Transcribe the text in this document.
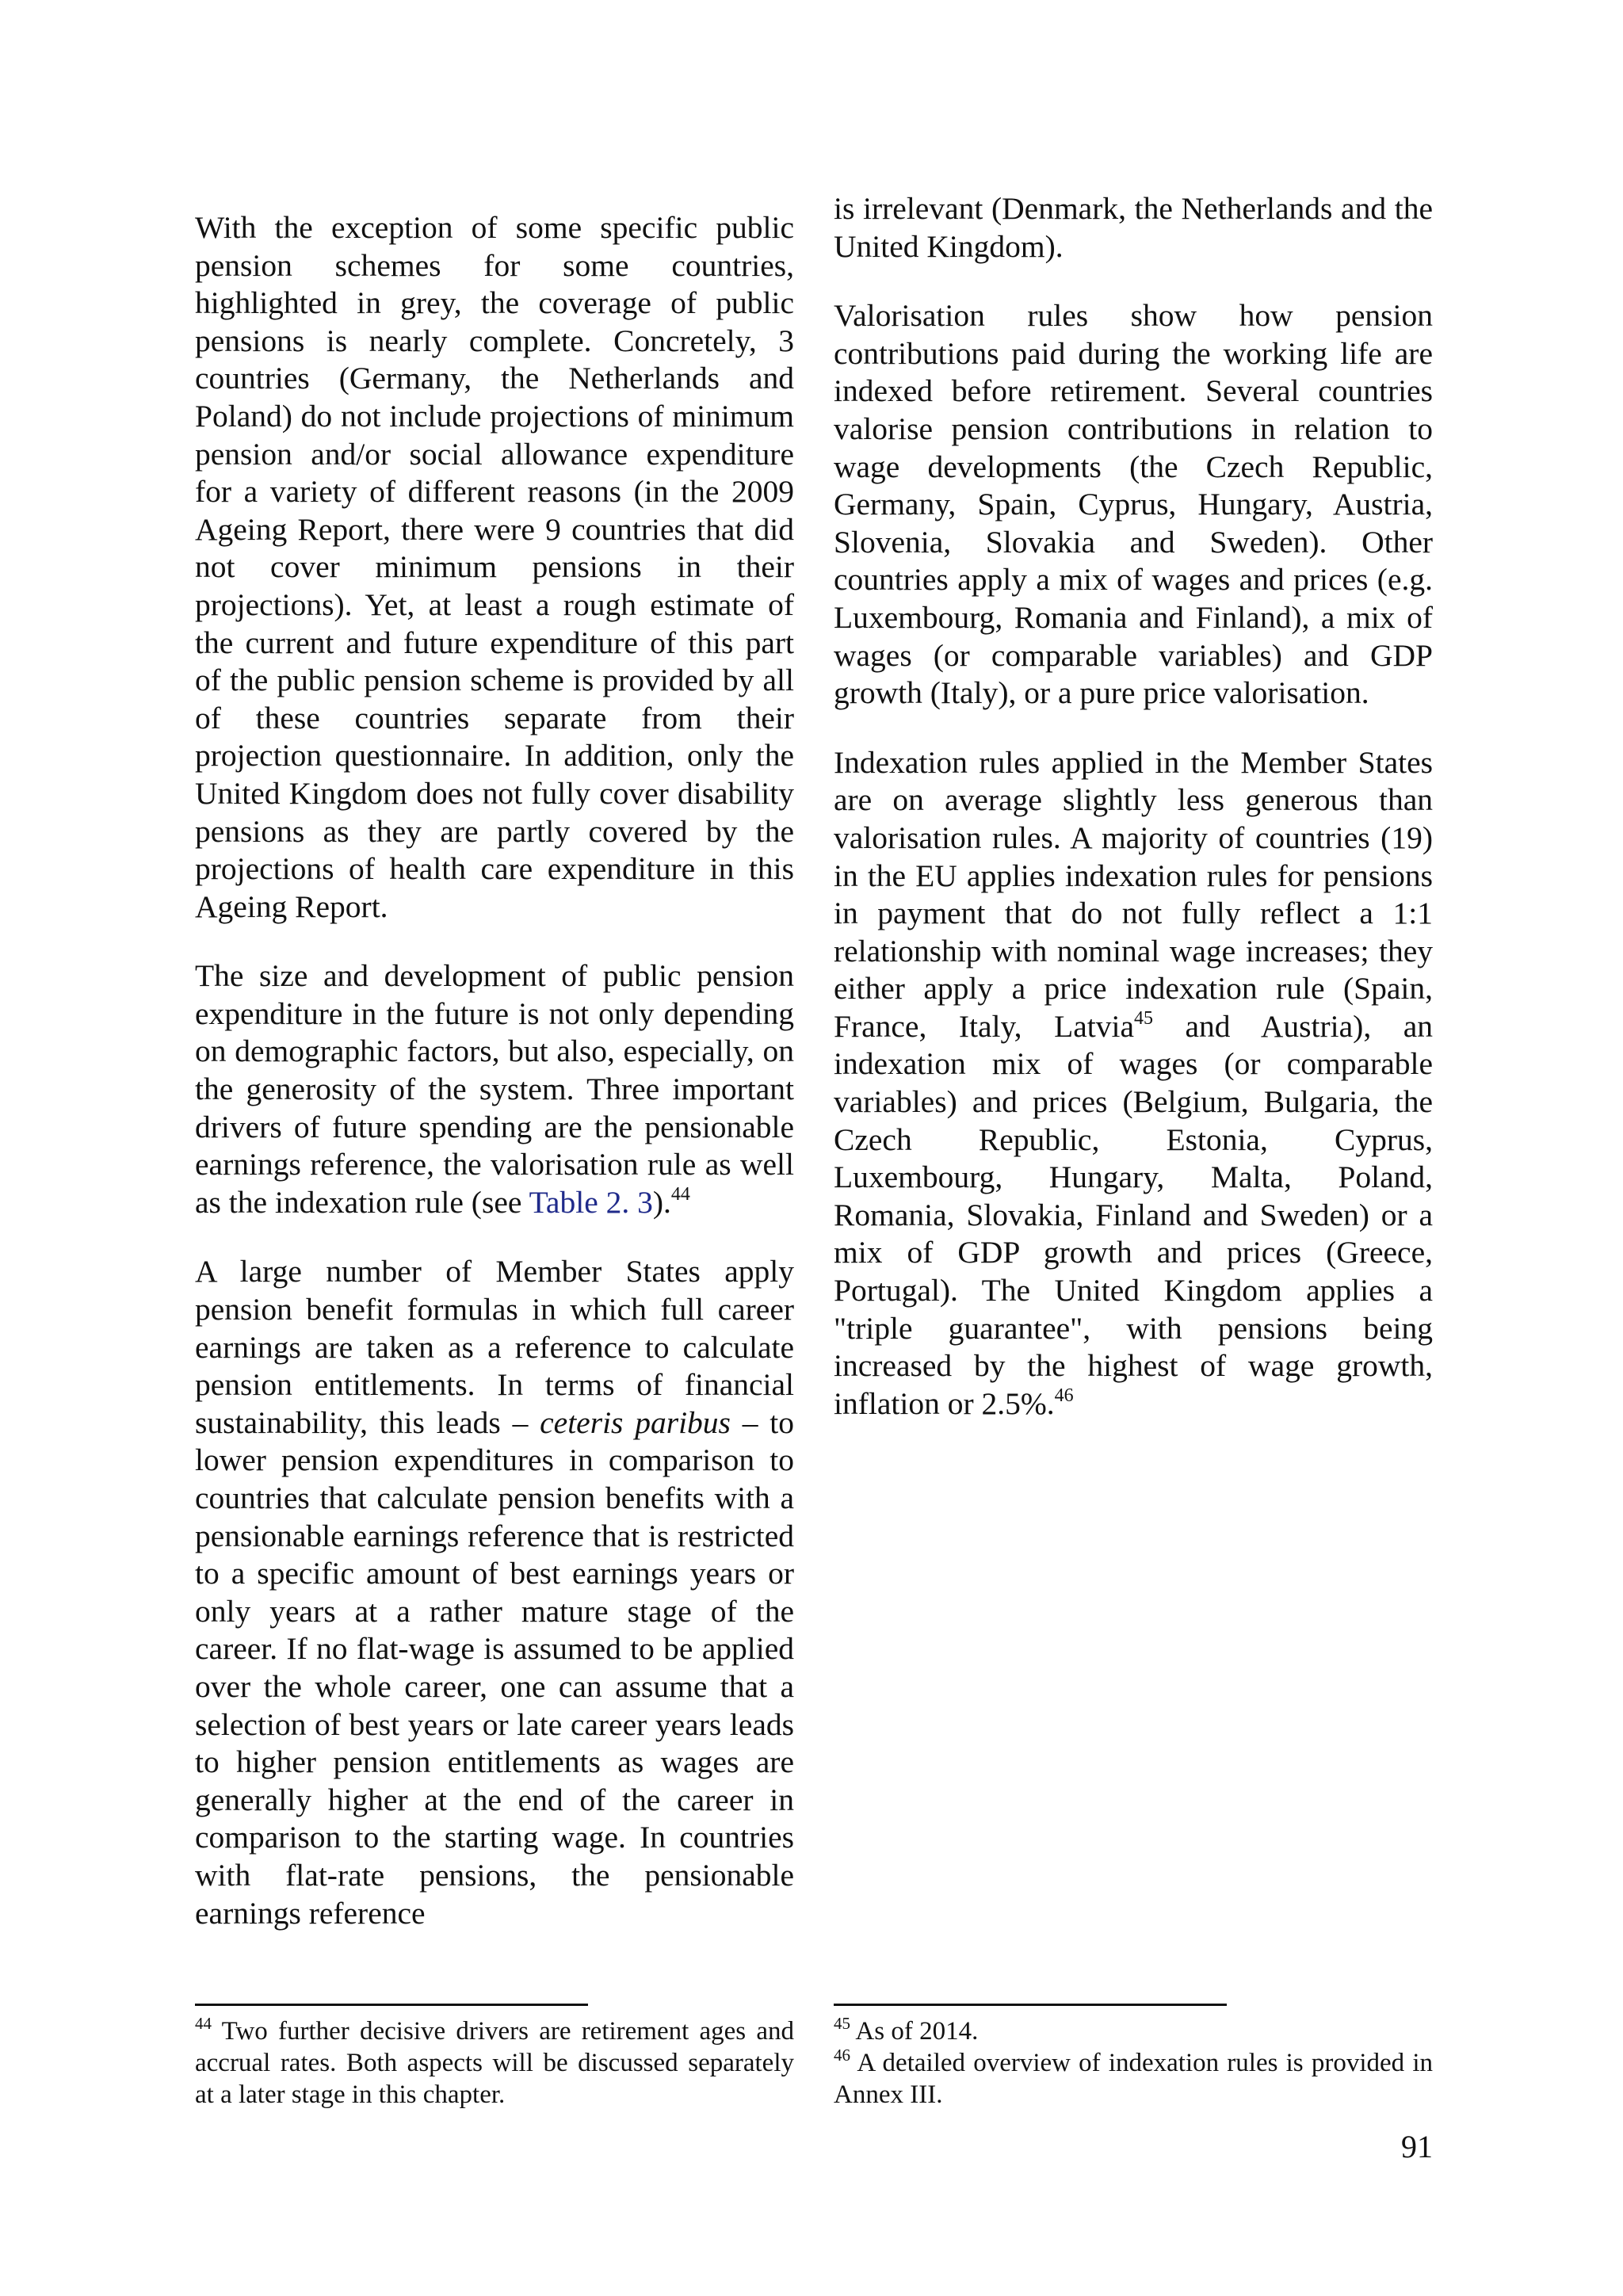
With the exception of some specific public pension schemes for some countries, highlighted in grey, the coverage of public pensions is nearly complete. Concretely, 3 countries (Germany, the Netherlands and Poland) do not include projections of minimum pension and/or social allowance expenditure for a variety of different reasons (in the 2009 Ageing Report, there were 9 countries that did not cover minimum pensions in their projections). Yet, at least a rough estimate of the current and future expenditure of this part of the public pension scheme is provided by all of these countries separate from their projection questionnaire. In addition, only the United Kingdom does not fully cover disability pensions as they are partly covered by the projections of health care expenditure in this Ageing Report.

The size and development of public pension expenditure in the future is not only depending on demographic factors, but also, especially, on the generosity of the system. Three important drivers of future spending are the pensionable earnings reference, the valorisation rule as well as the indexation rule (see Table 2. 3).$^{44}$

A large number of Member States apply pension benefit formulas in which full career earnings are taken as a reference to calculate pension entitlements. In terms of financial sustainability, this leads – ceteris paribus – to lower pension expenditures in comparison to countries that calculate pension benefits with a pensionable earnings reference that is restricted to a specific amount of best earnings years or only years at a rather mature stage of the career. If no flat-wage is assumed to be applied over the whole career, one can assume that a selection of best years or late career years leads to higher pension entitlements as wages are generally higher at the end of the career in comparison to the starting wage. In countries with flat-rate pensions, the pensionable earnings reference

is irrelevant (Denmark, the Netherlands and the United Kingdom).

Valorisation rules show how pension contributions paid during the working life are indexed before retirement. Several countries valorise pension contributions in relation to wage developments (the Czech Republic, Germany, Spain, Cyprus, Hungary, Austria, Slovenia, Slovakia and Sweden). Other countries apply a mix of wages and prices (e.g. Luxembourg, Romania and Finland), a mix of wages (or comparable variables) and GDP growth (Italy), or a pure price valorisation.

Indexation rules applied in the Member States are on average slightly less generous than valorisation rules. A majority of countries (19) in the EU applies indexation rules for pensions in payment that do not fully reflect a 1:1 relationship with nominal wage increases; they either apply a price indexation rule (Spain, France, Italy, Latvia$^{45}$ and Austria), an indexation mix of wages (or comparable variables) and prices (Belgium, Bulgaria, the Czech Republic, Estonia, Cyprus, Luxembourg, Hungary, Malta, Poland, Romania, Slovakia, Finland and Sweden) or a mix of GDP growth and prices (Greece, Portugal). The United Kingdom applies a "triple guarantee", with pensions being increased by the highest of wage growth, inflation or 2.5%.$^{46}$

$^{44}$ Two further decisive drivers are retirement ages and accrual rates. Both aspects will be discussed separately at a later stage in this chapter.

$^{45}$ As of 2014.

$^{46}$ A detailed overview of indexation rules is provided in Annex III.

91
